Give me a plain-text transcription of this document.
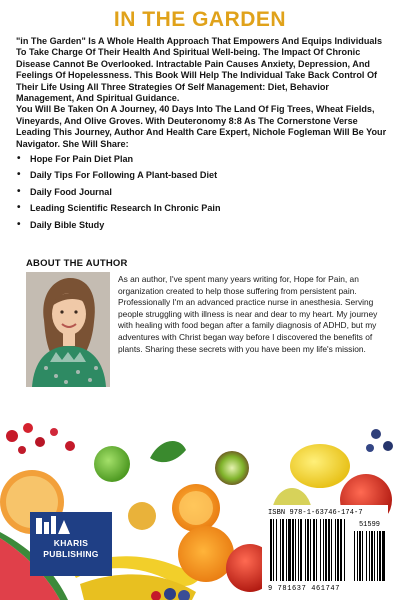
IN THE GARDEN

"in The Garden" Is A Whole Health Approach That Empowers And Equips Individuals To Take Charge Of Their Health And Spiritual Well-being. The Impact Of Chronic Disease Cannot Be Overlooked. Intractable Pain Causes Anxiety, Depression, And Feelings Of Hopelessness. This Book Will Help The Individual Take Back Control Of Their Life Using All Three Strategies Of Self Management: Diet, Behavior Management, And Spiritual Guidance.

You Will Be Taken On A Journey, 40 Days Into The Land Of Fig Trees, Wheat Fields, Vineyards, And Olive Groves. With Deuteronomy 8:8 As The Cornerstone Verse Leading This Journey, Author And Health Care Expert, Nichole Fogleman Will Be Your Navigator. She Will Share:

• Hope For Pain Diet Plan
• Daily Tips For Following A Plant-based Diet
• Daily Food Journal
• Leading Scientific Research In Chronic Pain
• Daily Bible Study
ABOUT THE AUTHOR
As an author, I've spent many years writing for, Hope for Pain, an organization created to help those suffering from persistent pain. Professionally I'm an advanced practice nurse in anesthesia. Serving people struggling with illness is near and dear to my heart. My journey with healing with food began after a family diagnosis of ADHD, but my adventures with Christ began way before I discovered the benefits of plants. Sharing these secrets with you have been my life's mission.
KHARIS
PUBLISHING
ISBN 978-1-63746-174-7
51599
9 781637 461747
